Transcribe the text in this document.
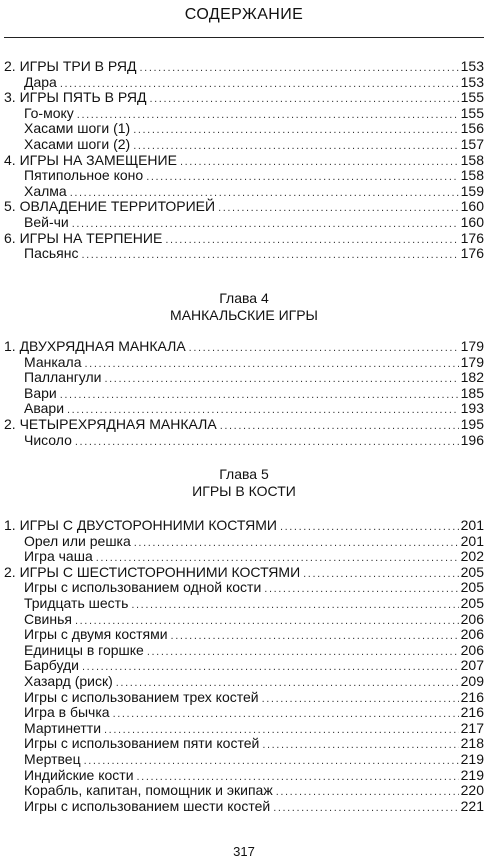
СОДЕРЖАНИЕ
2. ИГРЫ ТРИ В РЯД .....	153
Дара .....	153
3. ИГРЫ ПЯТЬ В РЯД .....	155
Го-моку .....	155
Хасами шоги (1) .....	156
Хасами шоги (2) .....	157
4. ИГРЫ НА ЗАМЕЩЕНИЕ .....	158
Пятипольное коно .....	158
Халма .....	159
5. ОВЛАДЕНИЕ ТЕРРИТОРИЕЙ .....	160
Вей-чи .....	160
6. ИГРЫ НА ТЕРПЕНИЕ .....	176
Пасьянс .....	176
Глава 4
МАНКАЛЬСКИЕ ИГРЫ
1. ДВУХРЯДНАЯ МАНКАЛА .....	179
Манкала .....	179
Паллангули .....	182
Вари .....	185
Авари .....	193
2. ЧЕТЫРЕХРЯДНАЯ МАНКАЛА .....	195
Чисоло .....	196
Глава 5
ИГРЫ В КОСТИ
1. ИГРЫ С ДВУСТОРОННИМИ КОСТЯМИ .....	201
Орел или решка .....	201
Игра чаша .....	202
2. ИГРЫ С ШЕСТИСТОРОННИМИ КОСТЯМИ .....	205
Игры с использованием одной кости .....	205
Тридцать шесть .....	205
Свинья .....	206
Игры с двумя костями .....	206
Единицы в горшке .....	206
Барбуди .....	207
Хазард (риск) .....	209
Игры с использованием трех костей .....	216
Игра в бычка .....	216
Мартинетти .....	217
Игры с использованием пяти костей .....	218
Мертвец .....	219
Индийские кости .....	219
Корабль, капитан, помощник и экипаж .....	220
Игры с использованием шести костей .....	221
317
